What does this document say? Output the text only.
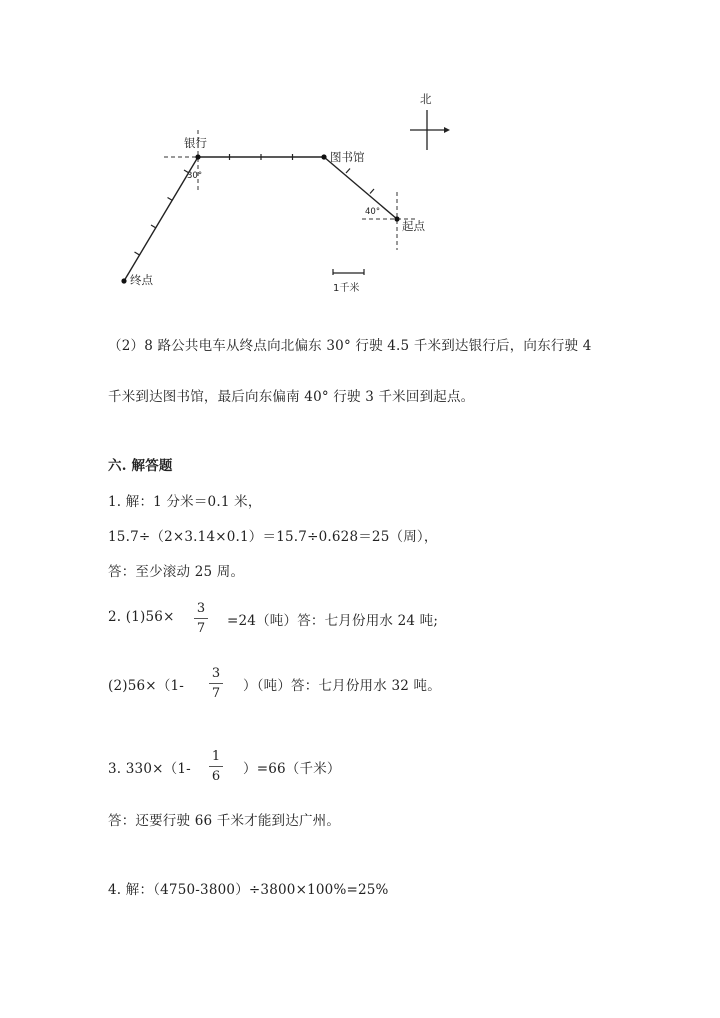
北
银行
图书馆
起点
终点
30°
40°
1千米
（2）8 路公共电车从终点向北偏东 30° 行驶 4.5 千米到达银行后，向东行驶 4
千米到达图书馆，最后向东偏南 40° 行驶 3 千米回到起点。
六. 解答题
1. 解：1 分米＝0.1 米，
15.7÷（2×3.14×0.1）＝15.7÷0.628＝25（周），
答：至少滚动 25 周。
2. (1)56×
3
7 =24（吨）答：七月份用水 24 吨;
(2)56×（1-
3
7 ）（吨）答：七月份用水 32 吨。
3. 330×（1-
1
6 ）=66（千米）
答：还要行驶 66 千米才能到达广州。
4. 解：（4750-3800）÷3800×100%=25%
